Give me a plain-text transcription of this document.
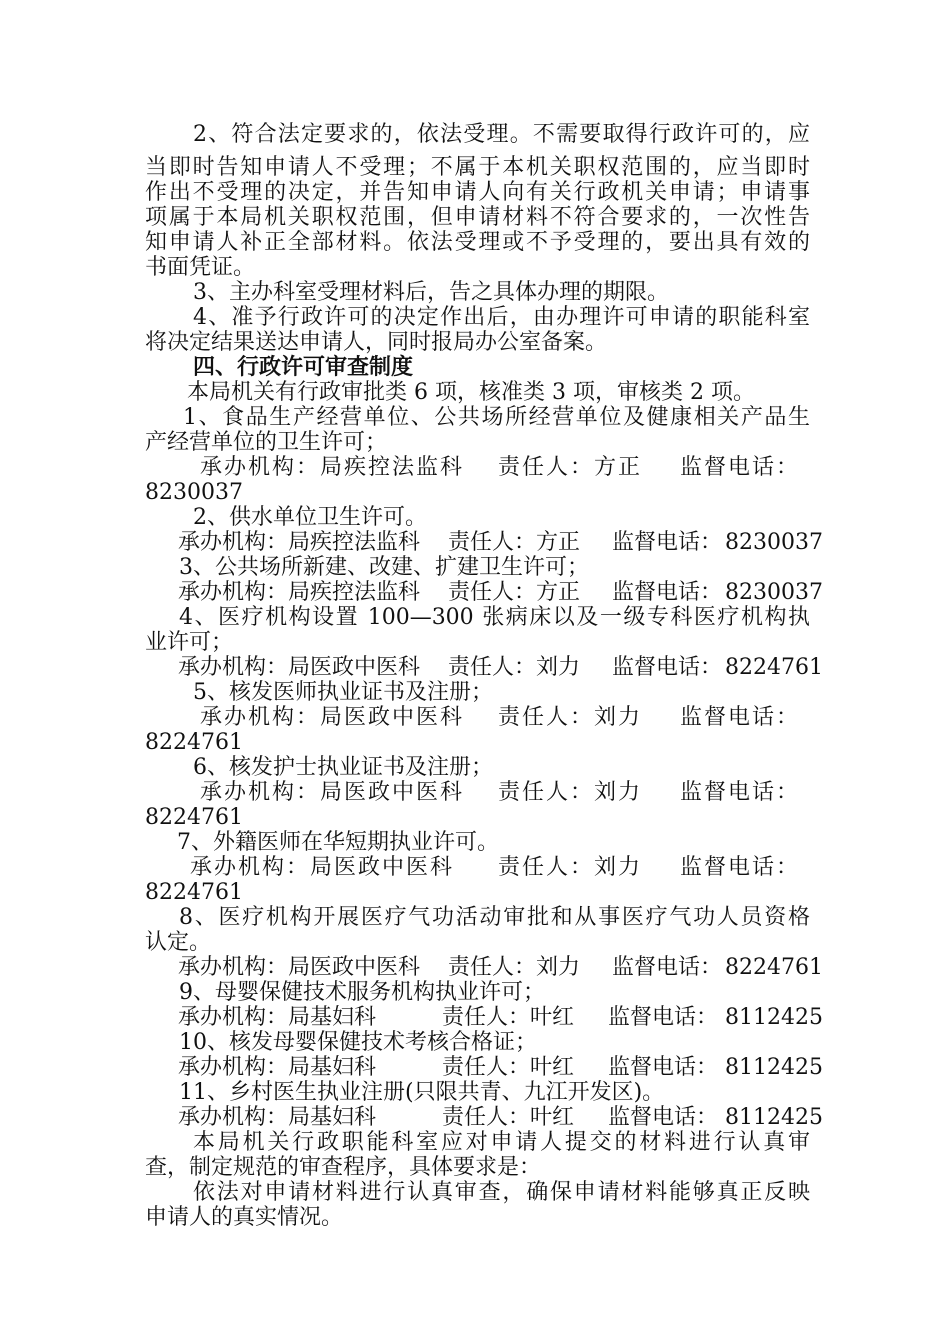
2、符合法定要求的，依法受理。不需要取得行政许可的，应
当即时告知申请人不受理；不属于本机关职权范围的，应当即时
作出不受理的决定，并告知申请人向有关行政机关申请；申请事
项属于本局机关职权范围，但申请材料不符合要求的，一次性告
知申请人补正全部材料。依法受理或不予受理的，要出具有效的
书面凭证。
3、主办科室受理材料后，告之具体办理的期限。
4、准予行政许可的决定作出后，由办理许可申请的职能科室
将决定结果送达申请人，同时报局办公室备案。
四、行政许可审查制度
本局机关有行政审批类 6 项，核准类 3 项，审核类 2 项。
1、食品生产经营单位、公共场所经营单位及健康相关产品生
产经营单位的卫生许可；
承办机构：局疾控法监科 责任人：方正 监督电话：
8230037
2、供水单位卫生许可。
承办机构：局疾控法监科 责任人：方正 监督电话： 8230037
3、公共场所新建、改建、扩建卫生许可；
承办机构：局疾控法监科 责任人：方正 监督电话： 8230037
4、医疗机构设置 100—300 张病床以及一级专科医疗机构执
业许可；
承办机构：局医政中医科 责任人：刘力 监督电话： 8224761
5、核发医师执业证书及注册；
承办机构：局医政中医科 责任人：刘力 监督电话：
8224761
6、核发护士执业证书及注册；
承办机构：局医政中医科 责任人：刘力 监督电话：
8224761
7、外籍医师在华短期执业许可。
承办机构：局医政中医科 责任人：刘力 监督电话：
8224761
8、医疗机构开展医疗气功活动审批和从事医疗气功人员资格
认定。
承办机构：局医政中医科 责任人：刘力 监督电话： 8224761
9、母婴保健技术服务机构执业许可；
承办机构：局基妇科	责任人：叶红 监督电话： 8112425
10、核发母婴保健技术考核合格证；
承办机构：局基妇科	责任人：叶红 监督电话： 8112425
11、乡村医生执业注册(只限共青、九江开发区)。
承办机构：局基妇科	责任人：叶红 监督电话： 8112425
本局机关行政职能科室应对申请人提交的材料进行认真审
查，制定规范的审查程序，具体要求是：
依法对申请材料进行认真审查，确保申请材料能够真正反映
申请人的真实情况。
